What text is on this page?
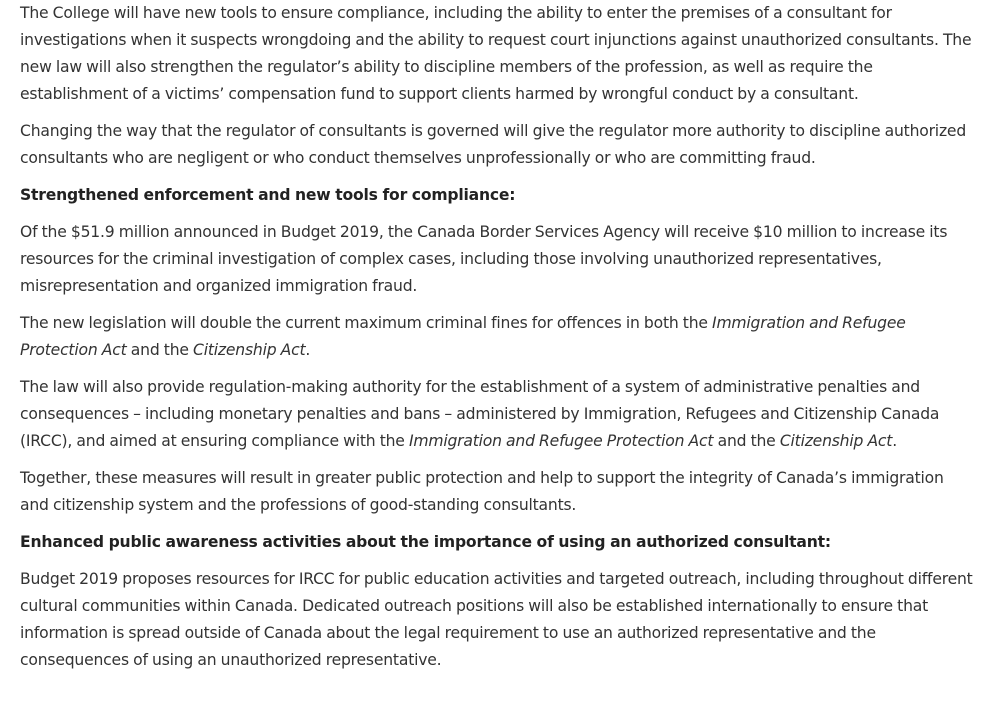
The College will have new tools to ensure compliance, including the ability to enter the premises of a consultant for investigations when it suspects wrongdoing and the ability to request court injunctions against unauthorized consultants. The new law will also strengthen the regulator’s ability to discipline members of the profession, as well as require the establishment of a victims’ compensation fund to support clients harmed by wrongful conduct by a consultant.

Changing the way that the regulator of consultants is governed will give the regulator more authority to discipline authorized consultants who are negligent or who conduct themselves unprofessionally or who are committing fraud.

Strengthened enforcement and new tools for compliance:

Of the $51.9 million announced in Budget 2019, the Canada Border Services Agency will receive $10 million to increase its resources for the criminal investigation of complex cases, including those involving unauthorized representatives, misrepresentation and organized immigration fraud.

The new legislation will double the current maximum criminal fines for offences in both the Immigration and Refugee Protection Act and the Citizenship Act.

The law will also provide regulation-making authority for the establishment of a system of administrative penalties and consequences – including monetary penalties and bans – administered by Immigration, Refugees and Citizenship Canada (IRCC), and aimed at ensuring compliance with the Immigration and Refugee Protection Act and the Citizenship Act.

Together, these measures will result in greater public protection and help to support the integrity of Canada’s immigration and citizenship system and the professions of good-standing consultants.

Enhanced public awareness activities about the importance of using an authorized consultant:

Budget 2019 proposes resources for IRCC for public education activities and targeted outreach, including throughout different cultural communities within Canada. Dedicated outreach positions will also be established internationally to ensure that information is spread outside of Canada about the legal requirement to use an authorized representative and the consequences of using an unauthorized representative.
